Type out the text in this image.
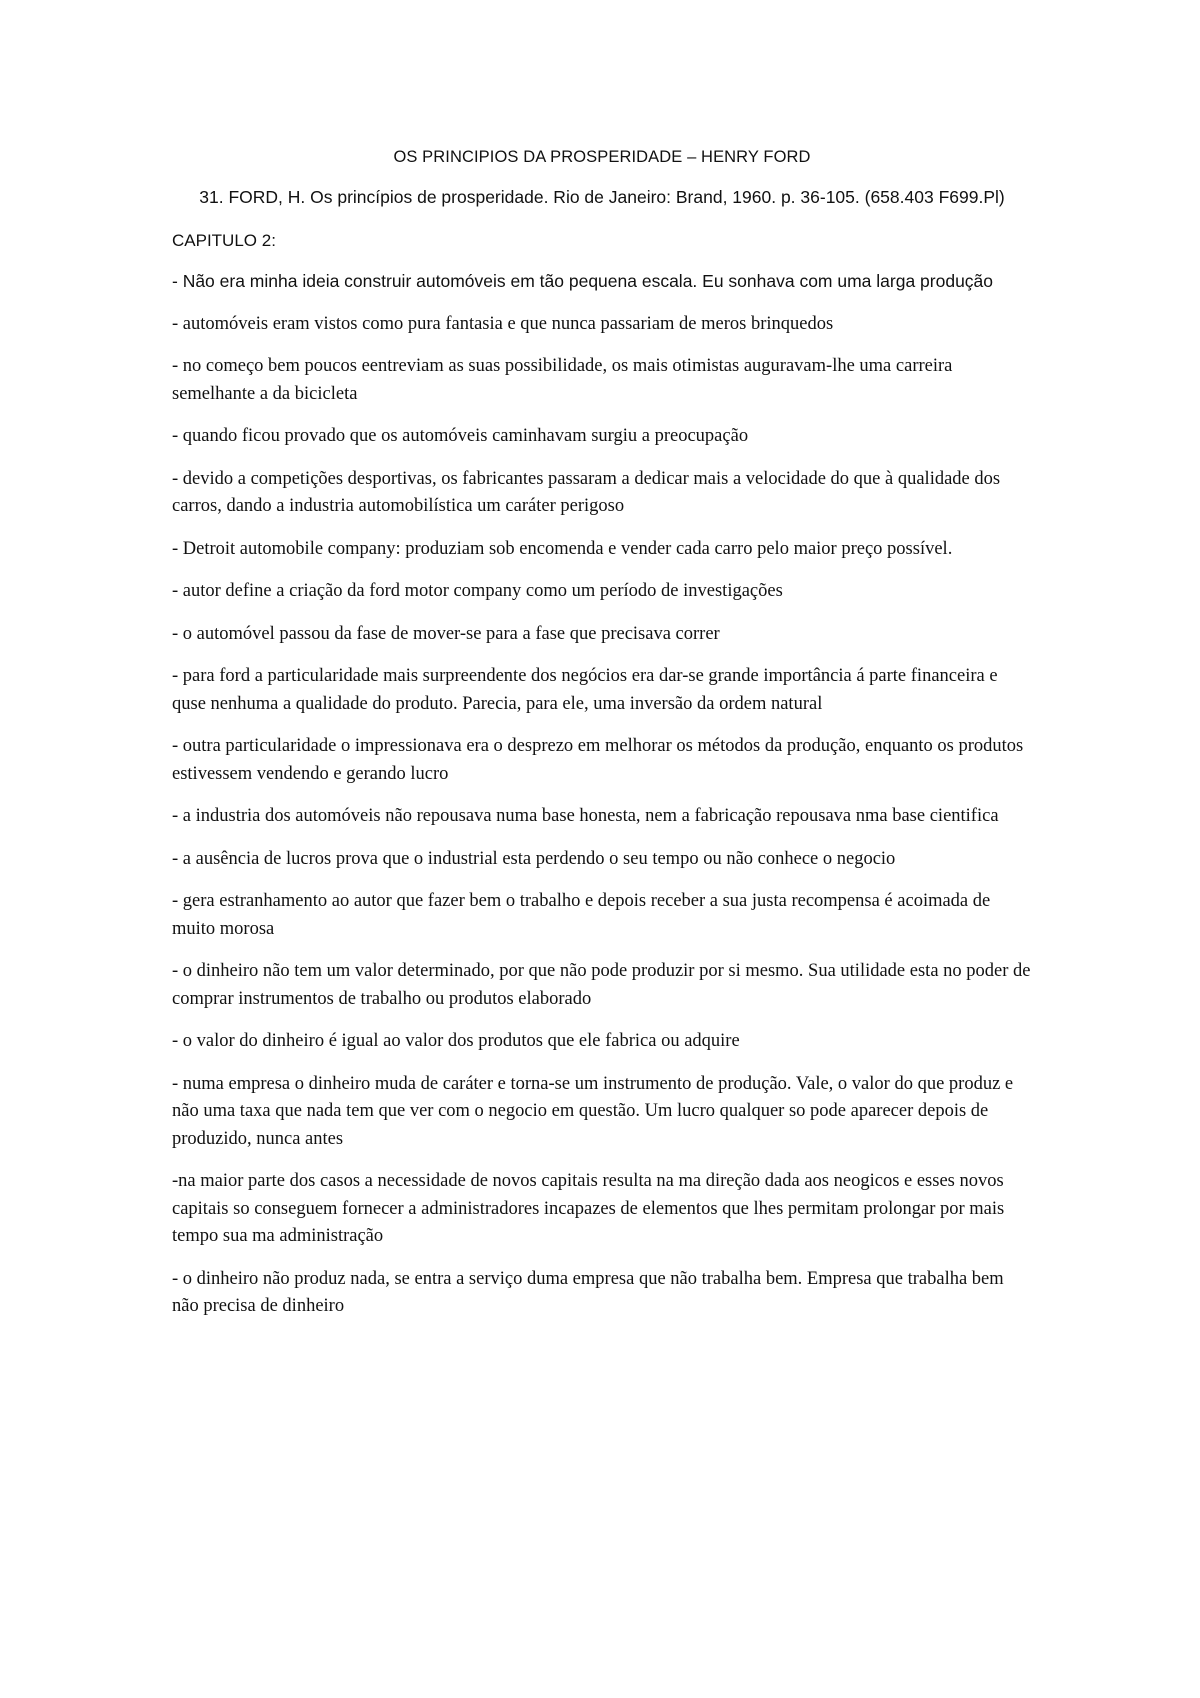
OS PRINCIPIOS DA PROSPERIDADE – HENRY FORD

31. FORD, H. Os princípios de prosperidade. Rio de Janeiro: Brand, 1960. p. 36-105. (658.403 F699.Pl)

CAPITULO 2:

- Não era minha ideia construir automóveis em tão pequena escala. Eu sonhava com uma larga produção

- automóveis eram vistos como pura fantasia e que nunca passariam de meros brinquedos

- no começo bem poucos eentreviam as suas possibilidade, os mais otimistas auguravam-lhe uma carreira semelhante a da bicicleta

- quando ficou provado que os automóveis caminhavam surgiu a preocupação

- devido a competições desportivas, os fabricantes passaram a dedicar mais a velocidade do que à qualidade dos carros, dando a industria automobilística um caráter perigoso

- Detroit automobile company: produziam sob encomenda e vender cada carro pelo maior preço possível.

- autor define a criação da ford motor company como um período de investigações

- o automóvel passou da fase de mover-se para a fase que precisava correr

- para ford a particularidade mais surpreendente dos negócios era dar-se grande importância á parte financeira e quse nenhuma a qualidade do produto. Parecia, para ele, uma inversão da ordem natural

- outra particularidade o impressionava era o desprezo em melhorar os métodos da produção, enquanto os produtos estivessem vendendo e gerando lucro

- a industria dos automóveis não repousava numa base honesta, nem a fabricação repousava nma base cientifica

- a ausência de lucros prova que o industrial esta perdendo o seu tempo ou não conhece o negocio

- gera estranhamento ao autor que fazer bem o trabalho e depois receber a sua justa recompensa é acoimada de muito morosa

- o dinheiro não tem um valor determinado, por que não pode produzir por si mesmo. Sua utilidade esta no poder de comprar instrumentos de trabalho ou produtos elaborado

- o valor do dinheiro é igual ao valor dos produtos que ele fabrica ou adquire

- numa empresa o dinheiro muda de caráter e torna-se um instrumento de produção. Vale, o valor do que produz e não uma taxa que nada tem que ver com o negocio em questão. Um lucro qualquer so pode aparecer depois de produzido, nunca antes

-na maior parte dos casos a necessidade de novos capitais resulta na ma direção dada aos neogicos e esses novos capitais so conseguem fornecer a administradores incapazes de elementos que lhes permitam prolongar por mais tempo sua ma administração

- o dinheiro não produz nada, se entra a serviço duma empresa que não trabalha bem. Empresa que trabalha bem não precisa de dinheiro
